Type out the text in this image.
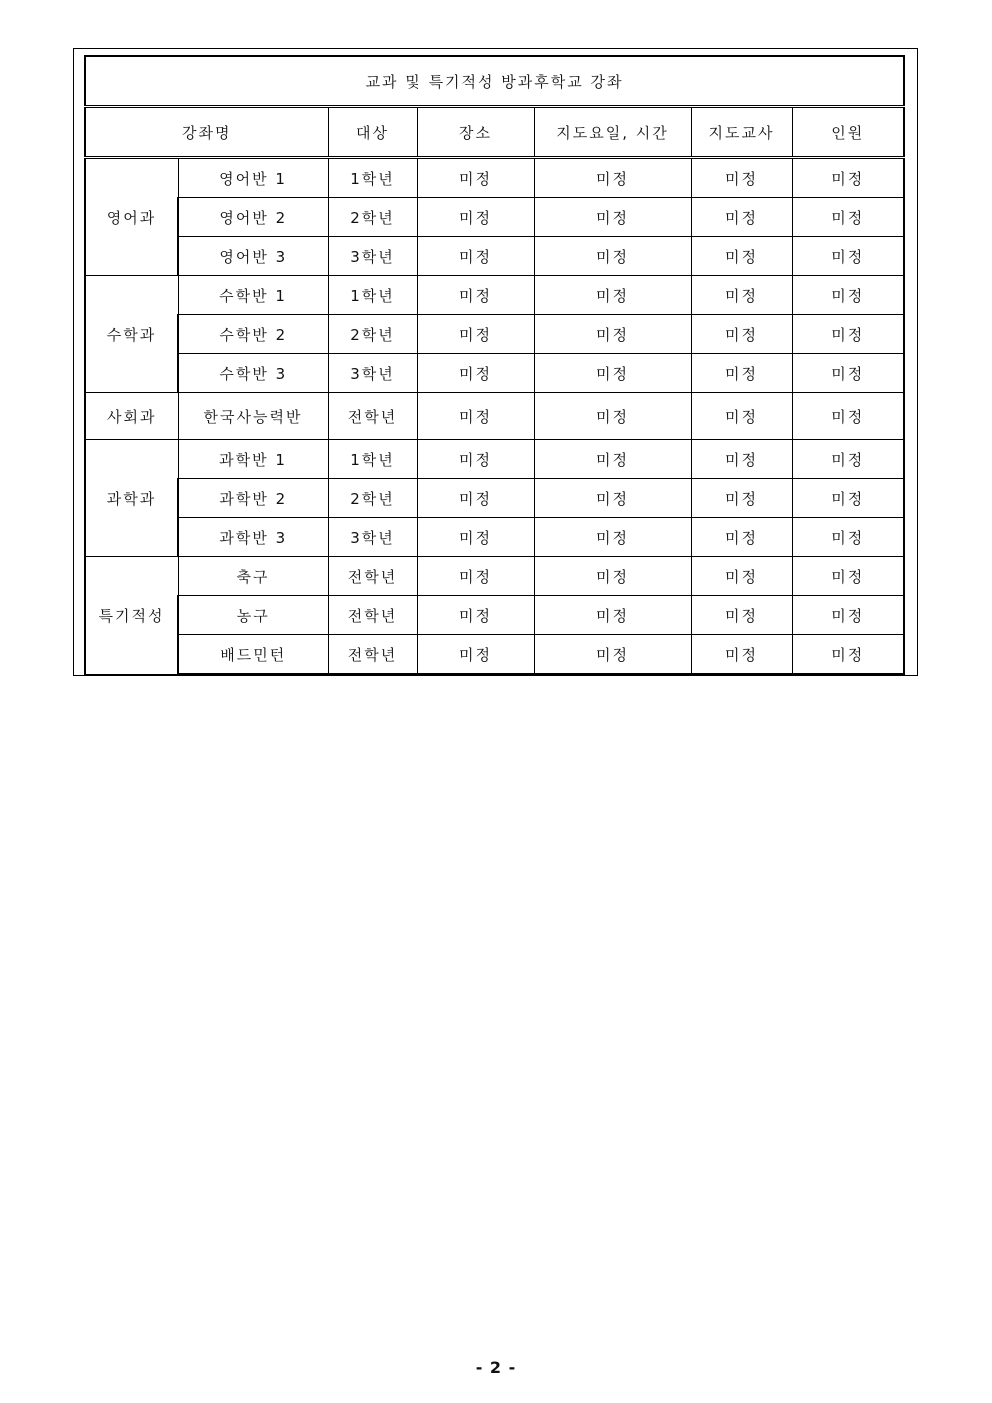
교과 및 특기적성 방과후학교 강좌						
강좌명		대상	장소	지도요일, 시간	지도교사	인원
영어과	영어반 1	1학년	미정	미정	미정	미정
	영어반 2	2학년	미정	미정	미정	미정
	영어반 3	3학년	미정	미정	미정	미정
수학과	수학반 1	1학년	미정	미정	미정	미정
	수학반 2	2학년	미정	미정	미정	미정
	수학반 3	3학년	미정	미정	미정	미정
사회과	한국사능력반	전학년	미정	미정	미정	미정
과학과	과학반 1	1학년	미정	미정	미정	미정
	과학반 2	2학년	미정	미정	미정	미정
	과학반 3	3학년	미정	미정	미정	미정
특기적성	축구	전학년	미정	미정	미정	미정
	농구	전학년	미정	미정	미정	미정
	배드민턴	전학년	미정	미정	미정	미정
- 2 -
